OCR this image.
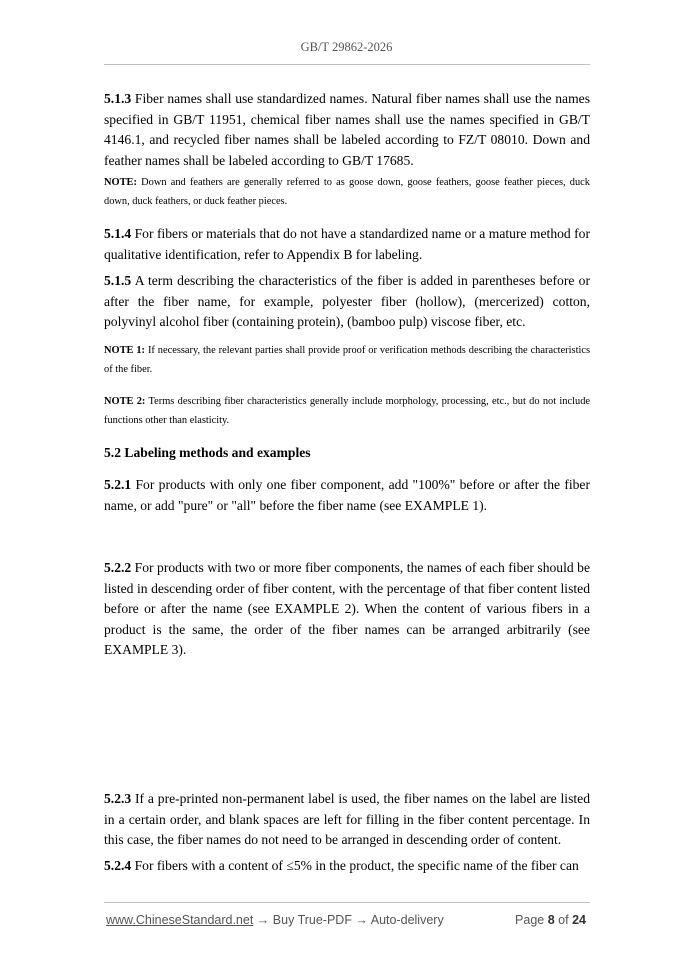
GB/T 29862-2026

5.1.3 Fiber names shall use standardized names. Natural fiber names shall use the names specified in GB/T 11951, chemical fiber names shall use the names specified in GB/T 4146.1, and recycled fiber names shall be labeled according to FZ/T 08010. Down and feather names shall be labeled according to GB/T 17685.

NOTE: Down and feathers are generally referred to as goose down, goose feathers, goose feather pieces, duck down, duck feathers, or duck feather pieces.

5.1.4 For fibers or materials that do not have a standardized name or a mature method for qualitative identification, refer to Appendix B for labeling.

5.1.5 A term describing the characteristics of the fiber is added in parentheses before or after the fiber name, for example, polyester fiber (hollow), (mercerized) cotton, polyvinyl alcohol fiber (containing protein), (bamboo pulp) viscose fiber, etc.

NOTE 1: If necessary, the relevant parties shall provide proof or verification methods describing the characteristics of the fiber.

NOTE 2: Terms describing fiber characteristics generally include morphology, processing, etc., but do not include functions other than elasticity.

5.2 Labeling methods and examples

5.2.1 For products with only one fiber component, add "100%" before or after the fiber name, or add "pure" or "all" before the fiber name (see EXAMPLE 1).

5.2.2 For products with two or more fiber components, the names of each fiber should be listed in descending order of fiber content, with the percentage of that fiber content listed before or after the name (see EXAMPLE 2). When the content of various fibers in a product is the same, the order of the fiber names can be arranged arbitrarily (see EXAMPLE 3).

5.2.3 If a pre-printed non-permanent label is used, the fiber names on the label are listed in a certain order, and blank spaces are left for filling in the fiber content percentage. In this case, the fiber names do not need to be arranged in descending order of content.

5.2.4 For fibers with a content of ≤5% in the product, the specific name of the fiber can

www.ChineseStandard.net → Buy True-PDF → Auto-delivery	Page 8 of 24
